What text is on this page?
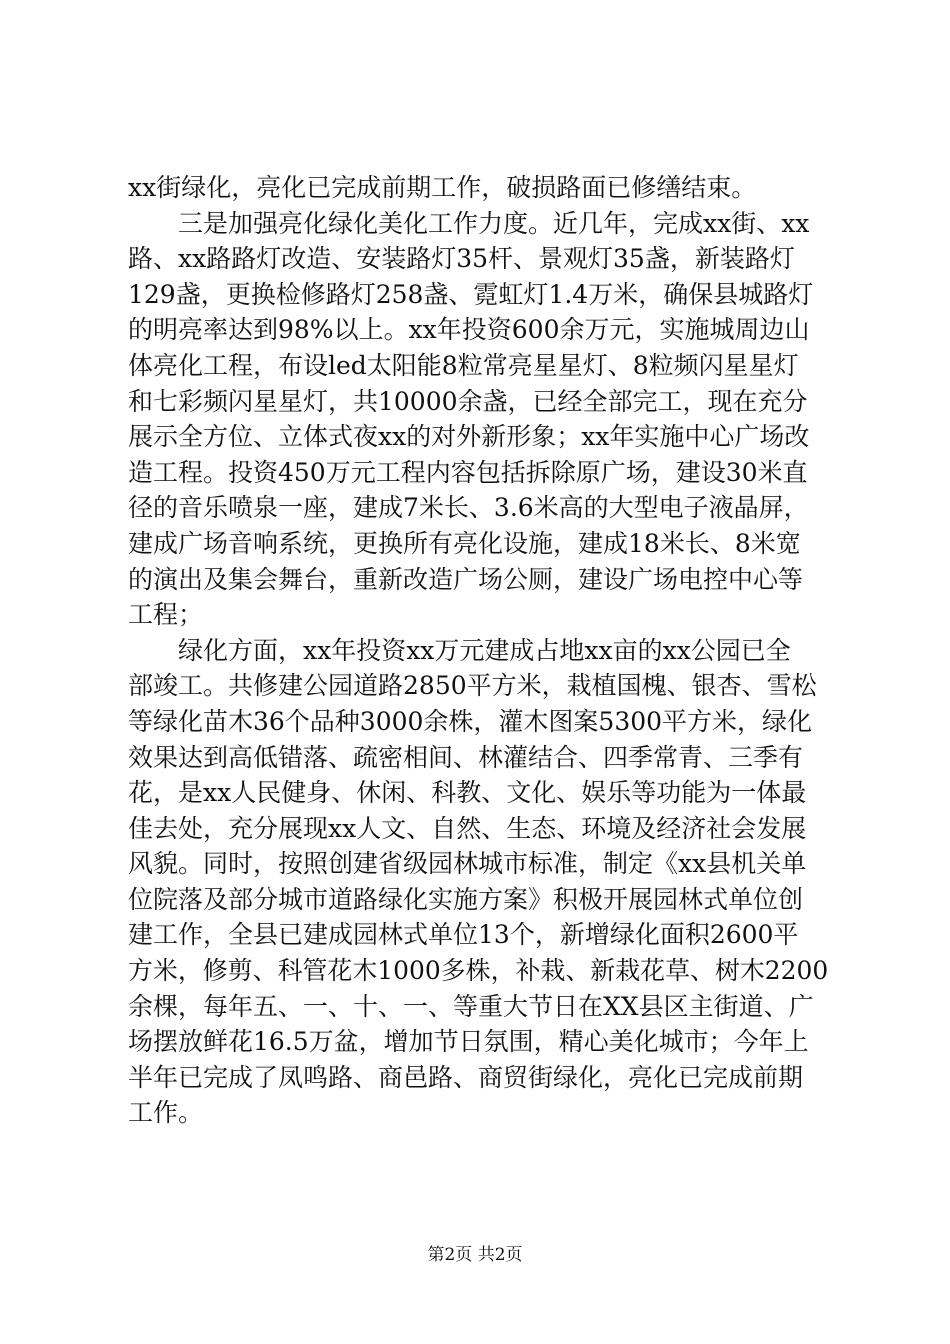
xx街绿化，亮化已完成前期工作，破损路面已修缮结束。
　　三是加强亮化绿化美化工作力度。近几年，完成xx街、xx
路、xx路路灯改造、安装路灯35杆、景观灯35盏，新装路灯
129盏，更换检修路灯258盏、霓虹灯1.4万米，确保县城路灯
的明亮率达到98%以上。xx年投资600余万元，实施城周边山
体亮化工程，布设led太阳能8粒常亮星星灯、8粒频闪星星灯
和七彩频闪星星灯，共10000余盏，已经全部完工，现在充分
展示全方位、立体式夜xx的对外新形象；xx年实施中心广场改
造工程。投资450万元工程内容包括拆除原广场，建设30米直
径的音乐喷泉一座，建成7米长、3.6米高的大型电子液晶屏，
建成广场音响系统，更换所有亮化设施，建成18米长、8米宽
的演出及集会舞台，重新改造广场公厕，建设广场电控中心等
工程；
　　绿化方面，xx年投资xx万元建成占地xx亩的xx公园已全
部竣工。共修建公园道路2850平方米，栽植国槐、银杏、雪松
等绿化苗木36个品种3000余株，灌木图案5300平方米，绿化
效果达到高低错落、疏密相间、林灌结合、四季常青、三季有
花，是xx人民健身、休闲、科教、文化、娱乐等功能为一体最
佳去处，充分展现xx人文、自然、生态、环境及经济社会发展
风貌。同时，按照创建省级园林城市标准，制定《xx县机关单
位院落及部分城市道路绿化实施方案》积极开展园林式单位创
建工作，全县已建成园林式单位13个，新增绿化面积2600平
方米，修剪、科管花木1000多株，补栽、新栽花草、树木2200
余棵，每年五、一、十、一、等重大节日在XX县区主街道、广
场摆放鲜花16.5万盆，增加节日氛围，精心美化城市；今年上
半年已完成了凤鸣路、商邑路、商贸街绿化，亮化已完成前期
工作。
第2页 共2页
